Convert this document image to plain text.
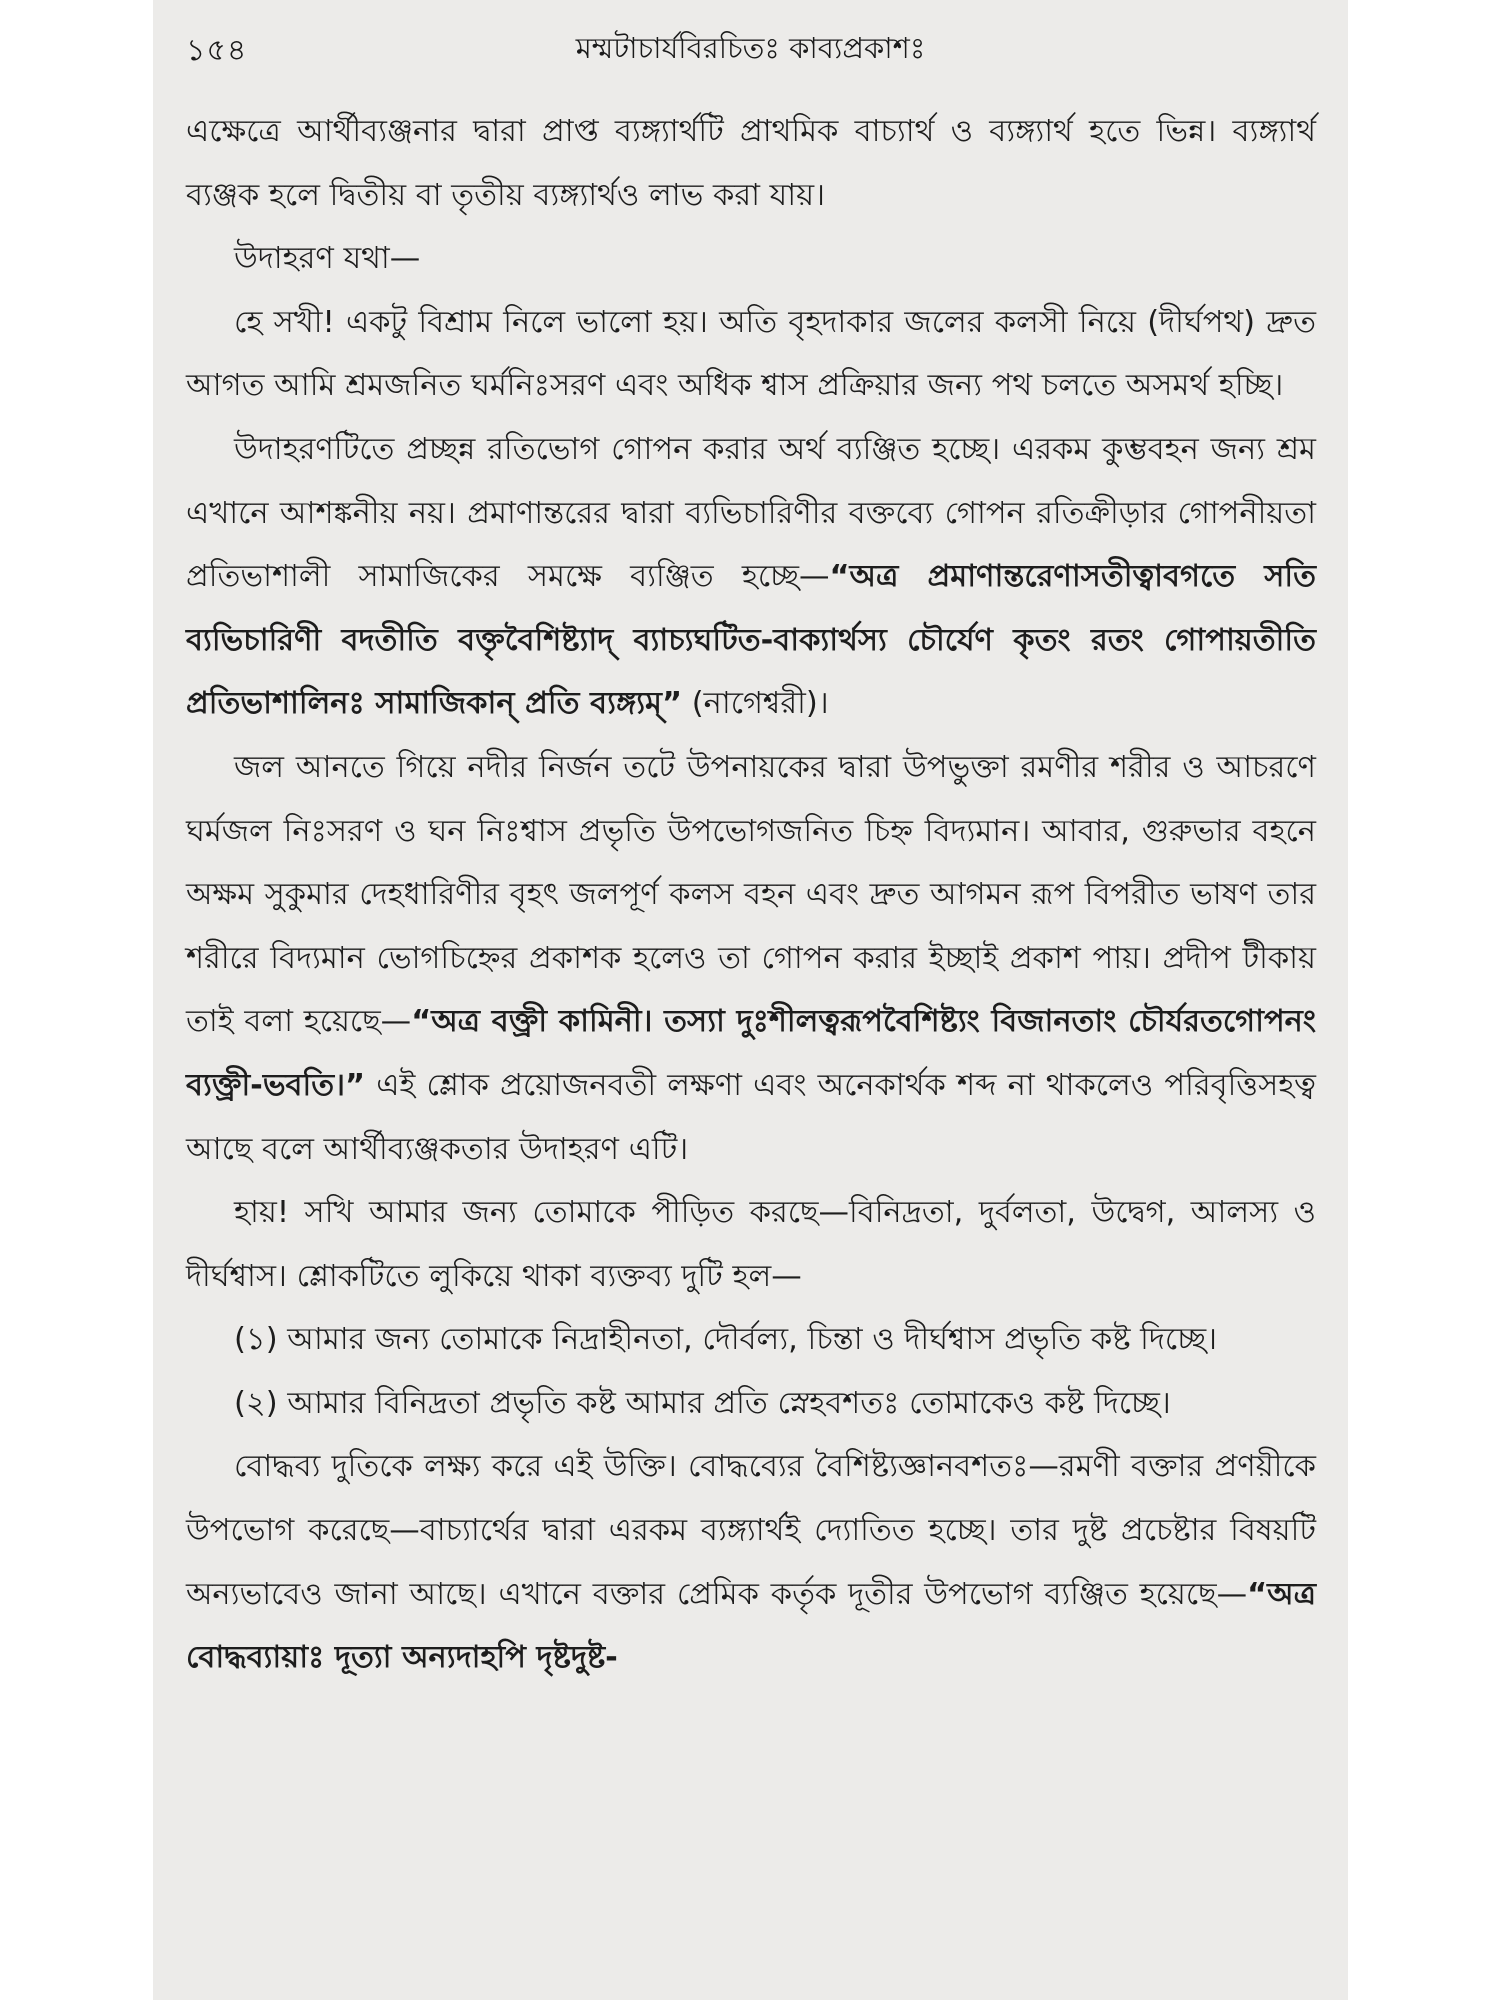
১৫৪	মম্মটাচার্যবিরচিতঃ কাব্যপ্রকাশঃ

এক্ষেত্রে আর্থীব্যঞ্জনার দ্বারা প্রাপ্ত ব্যঙ্গ্যার্থটি প্রাথমিক বাচ্যার্থ ও ব্যঙ্গ্যার্থ হতে ভিন্ন। ব্যঙ্গ্যার্থ ব্যঞ্জক হলে দ্বিতীয় বা তৃতীয় ব্যঙ্গ্যার্থও লাভ করা যায়।

উদাহরণ যথা—

হে সখী! একটু বিশ্রাম নিলে ভালো হয়। অতি বৃহদাকার জলের কলসী নিয়ে (দীর্ঘপথ) দ্রুত আগত আমি শ্রমজনিত ঘর্মনিঃসরণ এবং অধিক শ্বাস প্রক্রিয়ার জন্য পথ চলতে অসমর্থ হচ্ছি।

উদাহরণটিতে প্রচ্ছন্ন রতিভোগ গোপন করার অর্থ ব্যঞ্জিত হচ্ছে। এরকম কুম্ভবহন জন্য শ্রম এখানে আশঙ্কনীয় নয়। প্রমাণান্তরের দ্বারা ব্যভিচারিণীর বক্তব্যে গোপন রতিক্রীড়ার গোপনীয়তা প্রতিভাশালী সামাজিকের সমক্ষে ব্যঞ্জিত হচ্ছে—“অত্র প্রমাণান্তরেণাসতীত্বাবগতে সতি ব্যভিচারিণী বদতীতি বক্তৃবৈশিষ্ট্যাদ্ ব্যাচ্যঘটিত-বাক্যার্থস্য চৌর্যেণ কৃতং রতং গোপায়তীতি প্রতিভাশালিনঃ সামাজিকান্ প্রতি ব্যঙ্গ্যম্” (নাগেশ্বরী)।

জল আনতে গিয়ে নদীর নির্জন তটে উপনায়কের দ্বারা উপভুক্তা রমণীর শরীর ও আচরণে ঘর্মজল নিঃসরণ ও ঘন নিঃশ্বাস প্রভৃতি উপভোগজনিত চিহ্ন বিদ্যমান। আবার, গুরুভার বহনে অক্ষম সুকুমার দেহধারিণীর বৃহৎ জলপূর্ণ কলস বহন এবং দ্রুত আগমন রূপ বিপরীত ভাষণ তার শরীরে বিদ্যমান ভোগচিহ্নের প্রকাশক হলেও তা গোপন করার ইচ্ছাই প্রকাশ পায়। প্রদীপ টীকায় তাই বলা হয়েছে—“অত্র বক্ত্রী কামিনী। তস্যা দুঃশীলত্বরূপবৈশিষ্ট্যং বিজানতাং চৌর্যরতগোপনং ব্যক্ত্রী-ভবতি।” এই শ্লোক প্রয়োজনবতী লক্ষণা এবং অনেকার্থক শব্দ না থাকলেও পরিবৃত্তিসহত্ব আছে বলে আর্থীব্যঞ্জকতার উদাহরণ এটি।

হায়! সখি আমার জন্য তোমাকে পীড়িত করছে—বিনিদ্রতা, দুর্বলতা, উদ্বেগ, আলস্য ও দীর্ঘশ্বাস। শ্লোকটিতে লুকিয়ে থাকা ব্যক্তব্য দুটি হল—

(১) আমার জন্য তোমাকে নিদ্রাহীনতা, দৌর্বল্য, চিন্তা ও দীর্ঘশ্বাস প্রভৃতি কষ্ট দিচ্ছে।

(২) আমার বিনিদ্রতা প্রভৃতি কষ্ট আমার প্রতি স্নেহবশতঃ তোমাকেও কষ্ট দিচ্ছে।

বোদ্ধব্য দুতিকে লক্ষ্য করে এই উক্তি। বোদ্ধব্যের বৈশিষ্ট্যজ্ঞানবশতঃ—রমণী বক্তার প্রণয়ীকে উপভোগ করেছে—বাচ্যার্থের দ্বারা এরকম ব্যঙ্গ্যার্থই দ্যোতিত হচ্ছে। তার দুষ্ট প্রচেষ্টার বিষয়টি অন্যভাবেও জানা আছে। এখানে বক্তার প্রেমিক কর্তৃক দূতীর উপভোগ ব্যঞ্জিত হয়েছে—“অত্র বোদ্ধব্যায়াঃ দূত্যা অন্যদাহপি দৃষ্টদুষ্ট-
